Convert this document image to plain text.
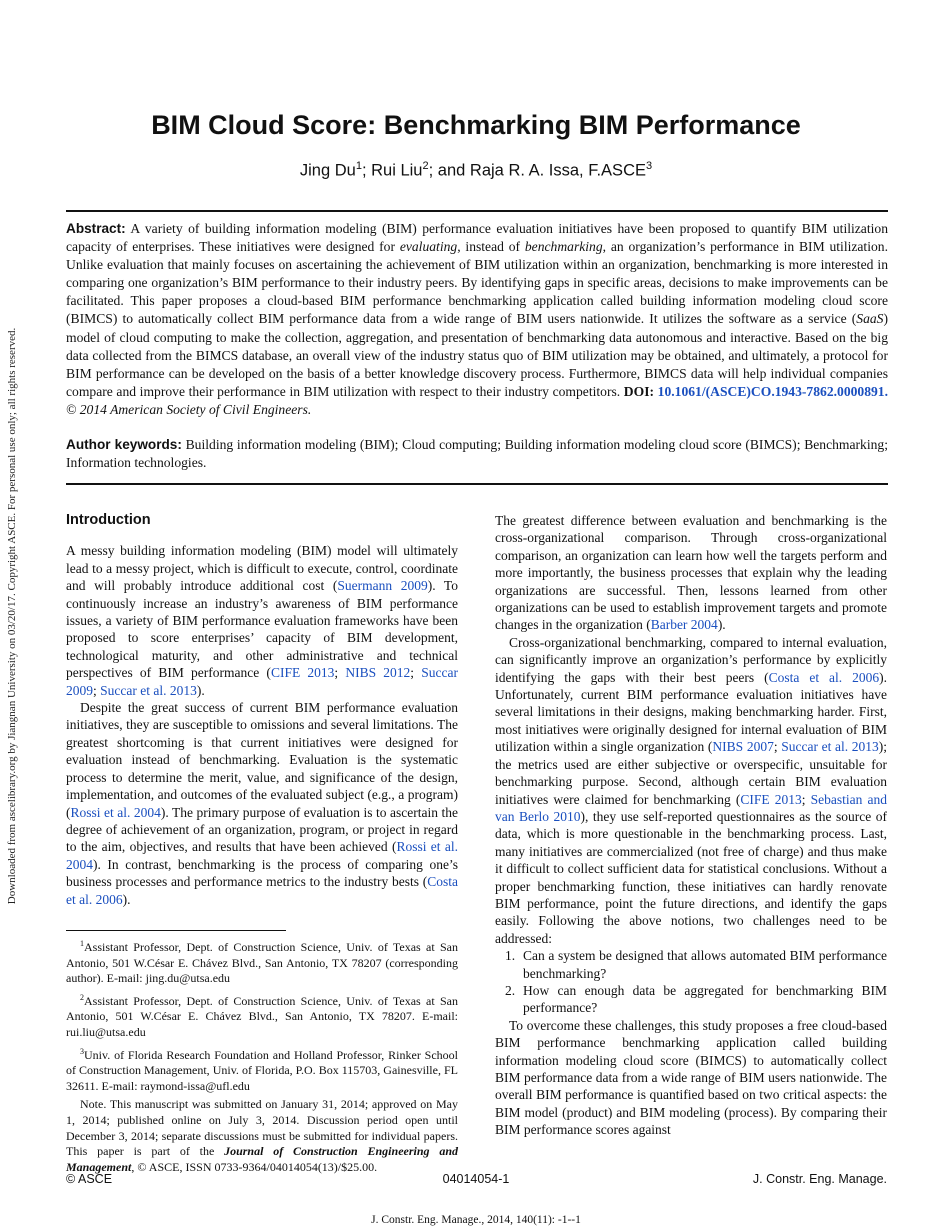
Downloaded from ascelibrary.org by Jiangnan University on 03/20/17. Copyright ASCE. For personal use only; all rights reserved.
BIM Cloud Score: Benchmarking BIM Performance
Jing Du$^1$; Rui Liu$^2$; and Raja R. A. Issa, F.ASCE$^3$
Abstract: A variety of building information modeling (BIM) performance evaluation initiatives have been proposed to quantify BIM utilization capacity of enterprises. These initiatives were designed for evaluating, instead of benchmarking, an organization’s performance in BIM utilization. Unlike evaluation that mainly focuses on ascertaining the achievement of BIM utilization within an organization, benchmarking is more interested in comparing one organization’s BIM performance to their industry peers. By identifying gaps in specific areas, decisions to make improvements can be facilitated. This paper proposes a cloud-based BIM performance benchmarking application called building information modeling cloud score (BIMCS) to automatically collect BIM performance data from a wide range of BIM users nationwide. It utilizes the software as a service (SaaS) model of cloud computing to make the collection, aggregation, and presentation of benchmarking data autonomous and interactive. Based on the big data collected from the BIMCS database, an overall view of the industry status quo of BIM utilization may be obtained, and ultimately, a protocol for BIM performance can be developed on the basis of a better knowledge discovery process. Furthermore, BIMCS data will help individual companies compare and improve their performance in BIM utilization with respect to their industry competitors. DOI: 10.1061/(ASCE)CO.1943-7862.0000891. © 2014 American Society of Civil Engineers.
Author keywords: Building information modeling (BIM); Cloud computing; Building information modeling cloud score (BIMCS); Benchmarking; Information technologies.
Introduction

A messy building information modeling (BIM) model will ultimately lead to a messy project, which is difficult to execute, control, coordinate and will probably introduce additional cost (Suermann 2009). To continuously increase an industry’s awareness of BIM performance issues, a variety of BIM performance evaluation frameworks have been proposed to score enterprises’ capacity of BIM development, technological maturity, and other administrative and technical perspectives of BIM performance (CIFE 2013; NIBS 2012; Succar 2009; Succar et al. 2013).

Despite the great success of current BIM performance evaluation initiatives, they are susceptible to omissions and several limitations. The greatest shortcoming is that current initiatives were designed for evaluation instead of benchmarking. Evaluation is the systematic process to determine the merit, value, and significance of the design, implementation, and outcomes of the evaluated subject (e.g., a program) (Rossi et al. 2004). The primary purpose of evaluation is to ascertain the degree of achievement of an organization, program, or project in regard to the aim, objectives, and results that have been achieved (Rossi et al. 2004). In contrast, benchmarking is the process of comparing one’s business processes and performance metrics to the industry bests (Costa et al. 2006).

$^1$Assistant Professor, Dept. of Construction Science, Univ. of Texas at San Antonio, 501 W.César E. Chávez Blvd., San Antonio, TX 78207 (corresponding author). E-mail: jing.du@utsa.edu

$^2$Assistant Professor, Dept. of Construction Science, Univ. of Texas at San Antonio, 501 W.César E. Chávez Blvd., San Antonio, TX 78207. E-mail: rui.liu@utsa.edu

$^3$Univ. of Florida Research Foundation and Holland Professor, Rinker School of Construction Management, Univ. of Florida, P.O. Box 115703, Gainesville, FL 32611. E-mail: raymond-issa@ufl.edu

Note. This manuscript was submitted on January 31, 2014; approved on May 1, 2014; published online on July 3, 2014. Discussion period open until December 3, 2014; separate discussions must be submitted for individual papers. This paper is part of the Journal of Construction Engineering and Management, © ASCE, ISSN 0733-9364/04014054(13)/$25.00.

The greatest difference between evaluation and benchmarking is the cross-organizational comparison. Through cross-organizational comparison, an organization can learn how well the targets perform and more importantly, the business processes that explain why the leading organizations are successful. Then, lessons learned from other organizations can be used to establish improvement targets and promote changes in the organization (Barber 2004).

Cross-organizational benchmarking, compared to internal evaluation, can significantly improve an organization’s performance by explicitly identifying the gaps with their best peers (Costa et al. 2006). Unfortunately, current BIM performance evaluation initiatives have several limitations in their designs, making benchmarking harder. First, most initiatives were originally designed for internal evaluation of BIM utilization within a single organization (NIBS 2007; Succar et al. 2013); the metrics used are either subjective or overspecific, unsuitable for benchmarking purpose. Second, although certain BIM evaluation initiatives were claimed for benchmarking (CIFE 2013; Sebastian and van Berlo 2010), they use self-reported questionnaires as the source of data, which is more questionable in the benchmarking process. Last, many initiatives are commercialized (not free of charge) and thus make it difficult to collect sufficient data for statistical conclusions. Without a proper benchmarking function, these initiatives can hardly renovate BIM performance, point the future directions, and identify the gaps easily. Following the above notions, two challenges need to be addressed:

1. Can a system be designed that allows automated BIM performance benchmarking?
2. How can enough data be aggregated for benchmarking BIM performance?

To overcome these challenges, this study proposes a free cloud-based BIM performance benchmarking application called building information modeling cloud score (BIMCS) to automatically collect BIM performance data from a wide range of BIM users nationwide. The overall BIM performance is quantified based on two critical aspects: the BIM model (product) and BIM modeling (process). By comparing their BIM performance scores against

© ASCE	04014054-1	J. Constr. Eng. Manage.
J. Constr. Eng. Manage., 2014, 140(11): -1--1
